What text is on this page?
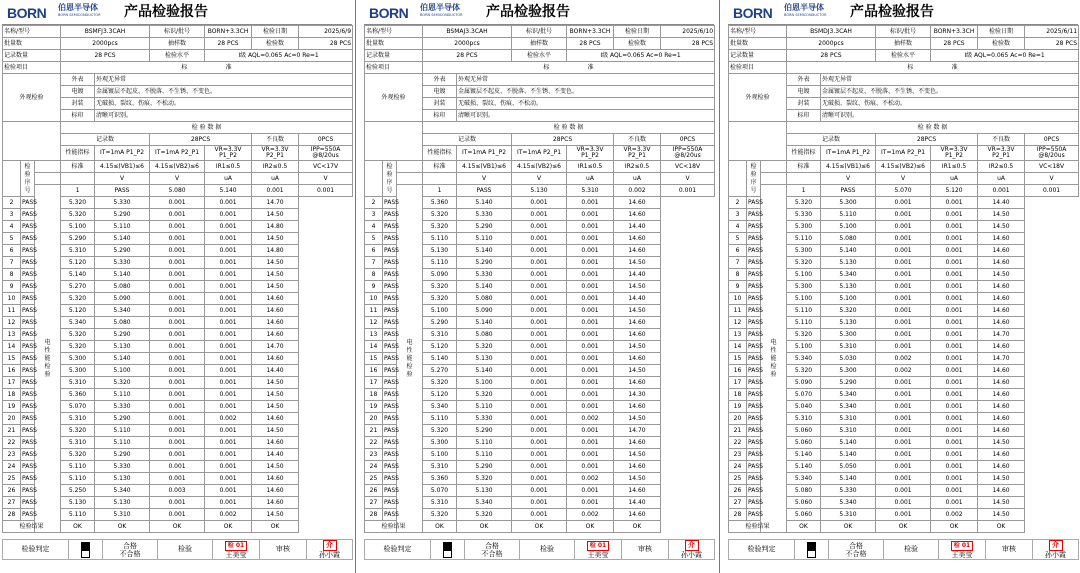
BORN 伯恩半导体
BORN SEMICONDUCTOR 产品检验报告
名称/型号			BSMFJ3.3CAH		标识/批号	BORN+3.3CH	检验日期	2025/6/9	
批量数			2000pcs		抽样数	28 PCS	检验数	28 PCS	
记录数量			28 PCS		检验水平	Ⅰ级 AQL=0.065 Ac=0 Re=1			
检验项目			标 准						
外观检验			外表	外观无异常					
			电镀	金属镀层不起皮、不脱落、不生锈、不变色。					
			封装	无破损、裂纹、伤痕、不松动。					
			标印	清晰可识别。					
			检 验 数 据						
			记录数		28PCS		不良数	0PCS	
			性能指标	IT=1mA P1_P2	IT=1mA P2_P1	VR=3.3V P1_P2	VR=3.3V P2_P1	IPP=550A @8/20us	

	检验序号		标准	4.15≤(VB1)≤6	4.15≤(VB2)≤6	IR1≤0.5	IR2≤0.5	VC<17V	
				V	V	uA	uA	V	

		电性能检验	1	PASS	5.080	5.140	0.001	0.001	
2	PASS		5.320	5.330	0.001	0.001	14.70		
3	PASS		5.320	5.290	0.001	0.001	14.50		
4	PASS		5.100	5.110	0.001	0.001	14.80		
5	PASS		5.290	5.140	0.001	0.001	14.50		
6	PASS		5.310	5.290	0.001	0.001	14.80		
7	PASS		5.120	5.330	0.001	0.001	14.50		
8	PASS		5.140	5.140	0.001	0.001	14.50		
9	PASS		5.270	5.080	0.001	0.001	14.50		
10	PASS		5.320	5.090	0.001	0.001	14.60		
11	PASS		5.120	5.340	0.001	0.001	14.60		
12	PASS		5.340	5.080	0.001	0.001	14.60		
13	PASS		5.320	5.290	0.001	0.001	14.60		
14	PASS		5.320	5.130	0.001	0.001	14.70		
15	PASS		5.300	5.140	0.001	0.001	14.60		
16	PASS		5.300	5.100	0.001	0.001	14.40		
17	PASS		5.310	5.320	0.001	0.001	14.50		
18	PASS		5.360	5.110	0.001	0.001	14.50		
19	PASS		5.070	5.330	0.001	0.001	14.50		
20	PASS		5.310	5.290	0.001	0.002	14.60		
21	PASS		5.320	5.110	0.001	0.001	14.50		
22	PASS		5.310	5.110	0.001	0.001	14.60		
23	PASS		5.320	5.290	0.001	0.001	14.40		
24	PASS		5.110	5.330	0.001	0.001	14.50		
25	PASS		5.110	5.130	0.001	0.001	14.60		
26	PASS		5.250	5.340	0.003	0.001	14.60		
27	PASS		5.130	5.130	0.001	0.001	14.60		
28	PASS		5.110	5.310	0.001	0.002	14.50		
检验结果			OK	OK	OK	OK	OK		
检验判定		合格
不合格
	检验	检 01
王美莹
	审核	介
孙小霞
BORN 伯恩半导体
BORN SEMICONDUCTOR 产品检验报告
名称/型号			BSMAJ3.3CAH		标识/批号	BORN+3.3CH	检验日期	2025/6/10	
批量数			2000pcs		抽样数	28 PCS	检验数	28 PCS	
记录数量			28 PCS		检验水平	Ⅰ级 AQL=0.065 Ac=0 Re=1			
检验项目			标 准						
外观检验			外表	外观无异常					
			电镀	金属镀层不起皮、不脱落、不生锈、不变色。					
			封装	无破损、裂纹、伤痕、不松动。					
			标印	清晰可识别。					
			检 验 数 据						
			记录数		28PCS		不良数	0PCS	
			性能指标	IT=1mA P1_P2	IT=1mA P2_P1	VR=3.3V P1_P2	VR=3.3V P2_P1	IPP=550A @8/20us	

	检验序号		标准	4.15≤(VB1)≤6	4.15≤(VB2)≤6	IR1≤0.5	IR2≤0.5	VC<18V	
				V	V	uA	uA	V	

		电性能检验	1	PASS	5.130	5.310	0.002	0.001	
2	PASS		5.360	5.140	0.001	0.001	14.60		
3	PASS		5.320	5.330	0.001	0.001	14.60		
4	PASS		5.320	5.290	0.001	0.001	14.40		
5	PASS		5.110	5.110	0.001	0.001	14.60		
6	PASS		5.130	5.140	0.001	0.001	14.60		
7	PASS		5.110	5.290	0.001	0.001	14.50		
8	PASS		5.090	5.330	0.001	0.001	14.40		
9	PASS		5.320	5.140	0.001	0.001	14.50		
10	PASS		5.320	5.080	0.001	0.001	14.40		
11	PASS		5.100	5.090	0.001	0.001	14.50		
12	PASS		5.290	5.140	0.001	0.001	14.60		
13	PASS		5.310	5.080	0.001	0.001	14.60		
14	PASS		5.120	5.320	0.001	0.001	14.50		
15	PASS		5.140	5.130	0.001	0.001	14.60		
16	PASS		5.270	5.140	0.001	0.001	14.50		
17	PASS		5.320	5.100	0.001	0.001	14.60		
18	PASS		5.120	5.320	0.001	0.001	14.30		
19	PASS		5.340	5.110	0.001	0.001	14.60		
20	PASS		5.110	5.330	0.001	0.002	14.50		
21	PASS		5.320	5.290	0.001	0.001	14.70		
22	PASS		5.300	5.110	0.001	0.001	14.60		
23	PASS		5.100	5.110	0.001	0.001	14.50		
24	PASS		5.310	5.290	0.001	0.001	14.60		
25	PASS		5.360	5.320	0.001	0.002	14.50		
26	PASS		5.070	5.130	0.001	0.001	14.60		
27	PASS		5.310	5.340	0.001	0.001	14.40		
28	PASS		5.320	5.320	0.001	0.002	14.60		
检验结果			OK	OK	OK	OK	OK		
检验判定		合格
不合格
	检验	检 01
王美莹
	审核	介
孙小霞
BORN 伯恩半导体
BORN SEMICONDUCTOR 产品检验报告
名称/型号			BSMDJ3.3CAH		标识/批号	BORN+3.3CH	检验日期	2025/6/11	
批量数			2000pcs		抽样数	28 PCS	检验数	28 PCS	
记录数量			28 PCS		检验水平	Ⅰ级 AQL=0.065 Ac=0 Re=1			
检验项目			标 准						
外观检验			外表	外观无异常					
			电镀	金属镀层不起皮、不脱落、不生锈、不变色。					
			封装	无破损、裂纹、伤痕、不松动。					
			标印	清晰可识别。					
			检 验 数 据						
			记录数		28PCS		不良数	0PCS	
			性能指标	IT=1mA P1_P2	IT=1mA P2_P1	VR=3.3V P1_P2	VR=3.3V P2_P1	IPP=550A @8/20us	

	检验序号		标准	4.15≤(VB1)≤6	4.15≤(VB2)≤6	IR1≤0.5	IR2≤0.5	VC<18V	
				V	V	uA	uA	V	

		电性能检验	1	PASS	5.070	5.120	0.001	0.001	
2	PASS		5.320	5.300	0.001	0.001	14.40		
3	PASS		5.330	5.110	0.001	0.001	14.50		
4	PASS		5.300	5.100	0.001	0.001	14.50		
5	PASS		5.110	5.080	0.001	0.001	14.60		
6	PASS		5.300	5.140	0.001	0.001	14.60		
7	PASS		5.320	5.130	0.001	0.001	14.60		
8	PASS		5.100	5.340	0.001	0.001	14.50		
9	PASS		5.300	5.130	0.001	0.001	14.60		
10	PASS		5.100	5.100	0.001	0.001	14.60		
11	PASS		5.110	5.320	0.001	0.001	14.60		
12	PASS		5.110	5.130	0.001	0.001	14.60		
13	PASS		5.320	5.300	0.001	0.001	14.70		
14	PASS		5.100	5.310	0.001	0.001	14.60		
15	PASS		5.340	5.030	0.002	0.001	14.70		
16	PASS		5.320	5.300	0.002	0.001	14.60		
17	PASS		5.090	5.290	0.001	0.001	14.60		
18	PASS		5.070	5.340	0.001	0.001	14.60		
19	PASS		5.040	5.340	0.001	0.001	14.60		
20	PASS		5.310	5.310	0.001	0.001	14.60		
21	PASS		5.060	5.310	0.001	0.001	14.60		
22	PASS		5.060	5.140	0.001	0.001	14.50		
23	PASS		5.140	5.140	0.001	0.001	14.60		
24	PASS		5.140	5.050	0.001	0.001	14.60		
25	PASS		5.340	5.140	0.001	0.001	14.50		
26	PASS		5.080	5.330	0.001	0.001	14.60		
27	PASS		5.060	5.340	0.001	0.001	14.50		
28	PASS		5.060	5.310	0.001	0.002	14.50		
检验结果			OK	OK	OK	OK	OK		
检验判定		合格
不合格
	检验	检 01
王美莹
	审核	介
孙小霞
